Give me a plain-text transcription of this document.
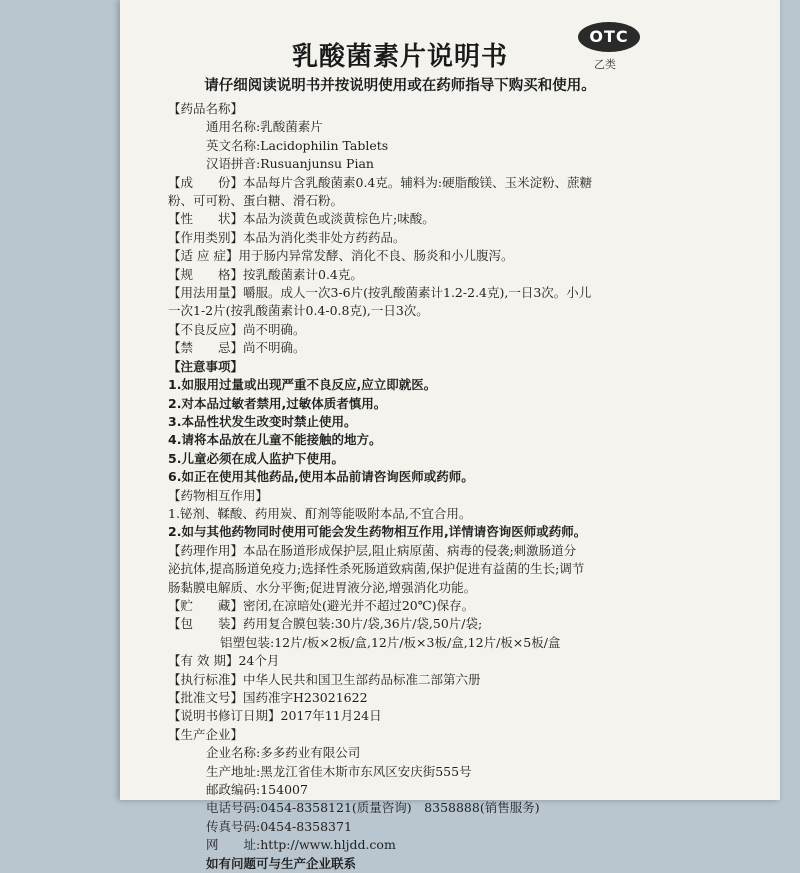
OTC
乙类
乳酸菌素片说明书
请仔细阅读说明书并按说明使用或在药师指导下购买和使用。
【药品名称】
通用名称:乳酸菌素片
英文名称:Lacidophilin Tablets
汉语拼音:Rusuanjunsu Pian
【成　　份】本品每片含乳酸菌素0.4克。辅料为:硬脂酸镁、玉米淀粉、蔗糖
粉、可可粉、蛋白糖、滑石粉。
【性　　状】本品为淡黄色或淡黄棕色片;味酸。
【作用类别】本品为消化类非处方药药品。
【适 应 症】用于肠内异常发酵、消化不良、肠炎和小儿腹泻。
【规　　格】按乳酸菌素计0.4克。
【用法用量】嚼服。成人一次3-6片(按乳酸菌素计1.2-2.4克),一日3次。小儿
一次1-2片(按乳酸菌素计0.4-0.8克),一日3次。
【不良反应】尚不明确。
【禁　　忌】尚不明确。
【注意事项】
1.如服用过量或出现严重不良反应,应立即就医。
2.对本品过敏者禁用,过敏体质者慎用。
3.本品性状发生改变时禁止使用。
4.请将本品放在儿童不能接触的地方。
5.儿童必须在成人监护下使用。
6.如正在使用其他药品,使用本品前请咨询医师或药师。
【药物相互作用】
1.铋剂、鞣酸、药用炭、酊剂等能吸附本品,不宜合用。
2.如与其他药物同时使用可能会发生药物相互作用,详情请咨询医师或药师。
【药理作用】本品在肠道形成保护层,阻止病原菌、病毒的侵袭;刺激肠道分
泌抗体,提高肠道免疫力;选择性杀死肠道致病菌,保护促进有益菌的生长;调节
肠黏膜电解质、水分平衡;促进胃液分泌,增强消化功能。
【贮　　藏】密闭,在凉暗处(避光并不超过20℃)保存。
【包　　装】药用复合膜包装:30片/袋,36片/袋,50片/袋;
铝塑包装:12片/板×2板/盒,12片/板×3板/盒,12片/板×5板/盒
【有 效 期】24个月
【执行标准】中华人民共和国卫生部药品标准二部第六册
【批准文号】国药准字H23021622
【说明书修订日期】2017年11月24日
【生产企业】
企业名称:多多药业有限公司
生产地址:黑龙江省佳木斯市东风区安庆街555号
邮政编码:154007
电话号码:0454-8358121(质量咨询)　8358888(销售服务)
传真号码:0454-8358371
网　　址:http://www.hljdd.com
如有问题可与生产企业联系
